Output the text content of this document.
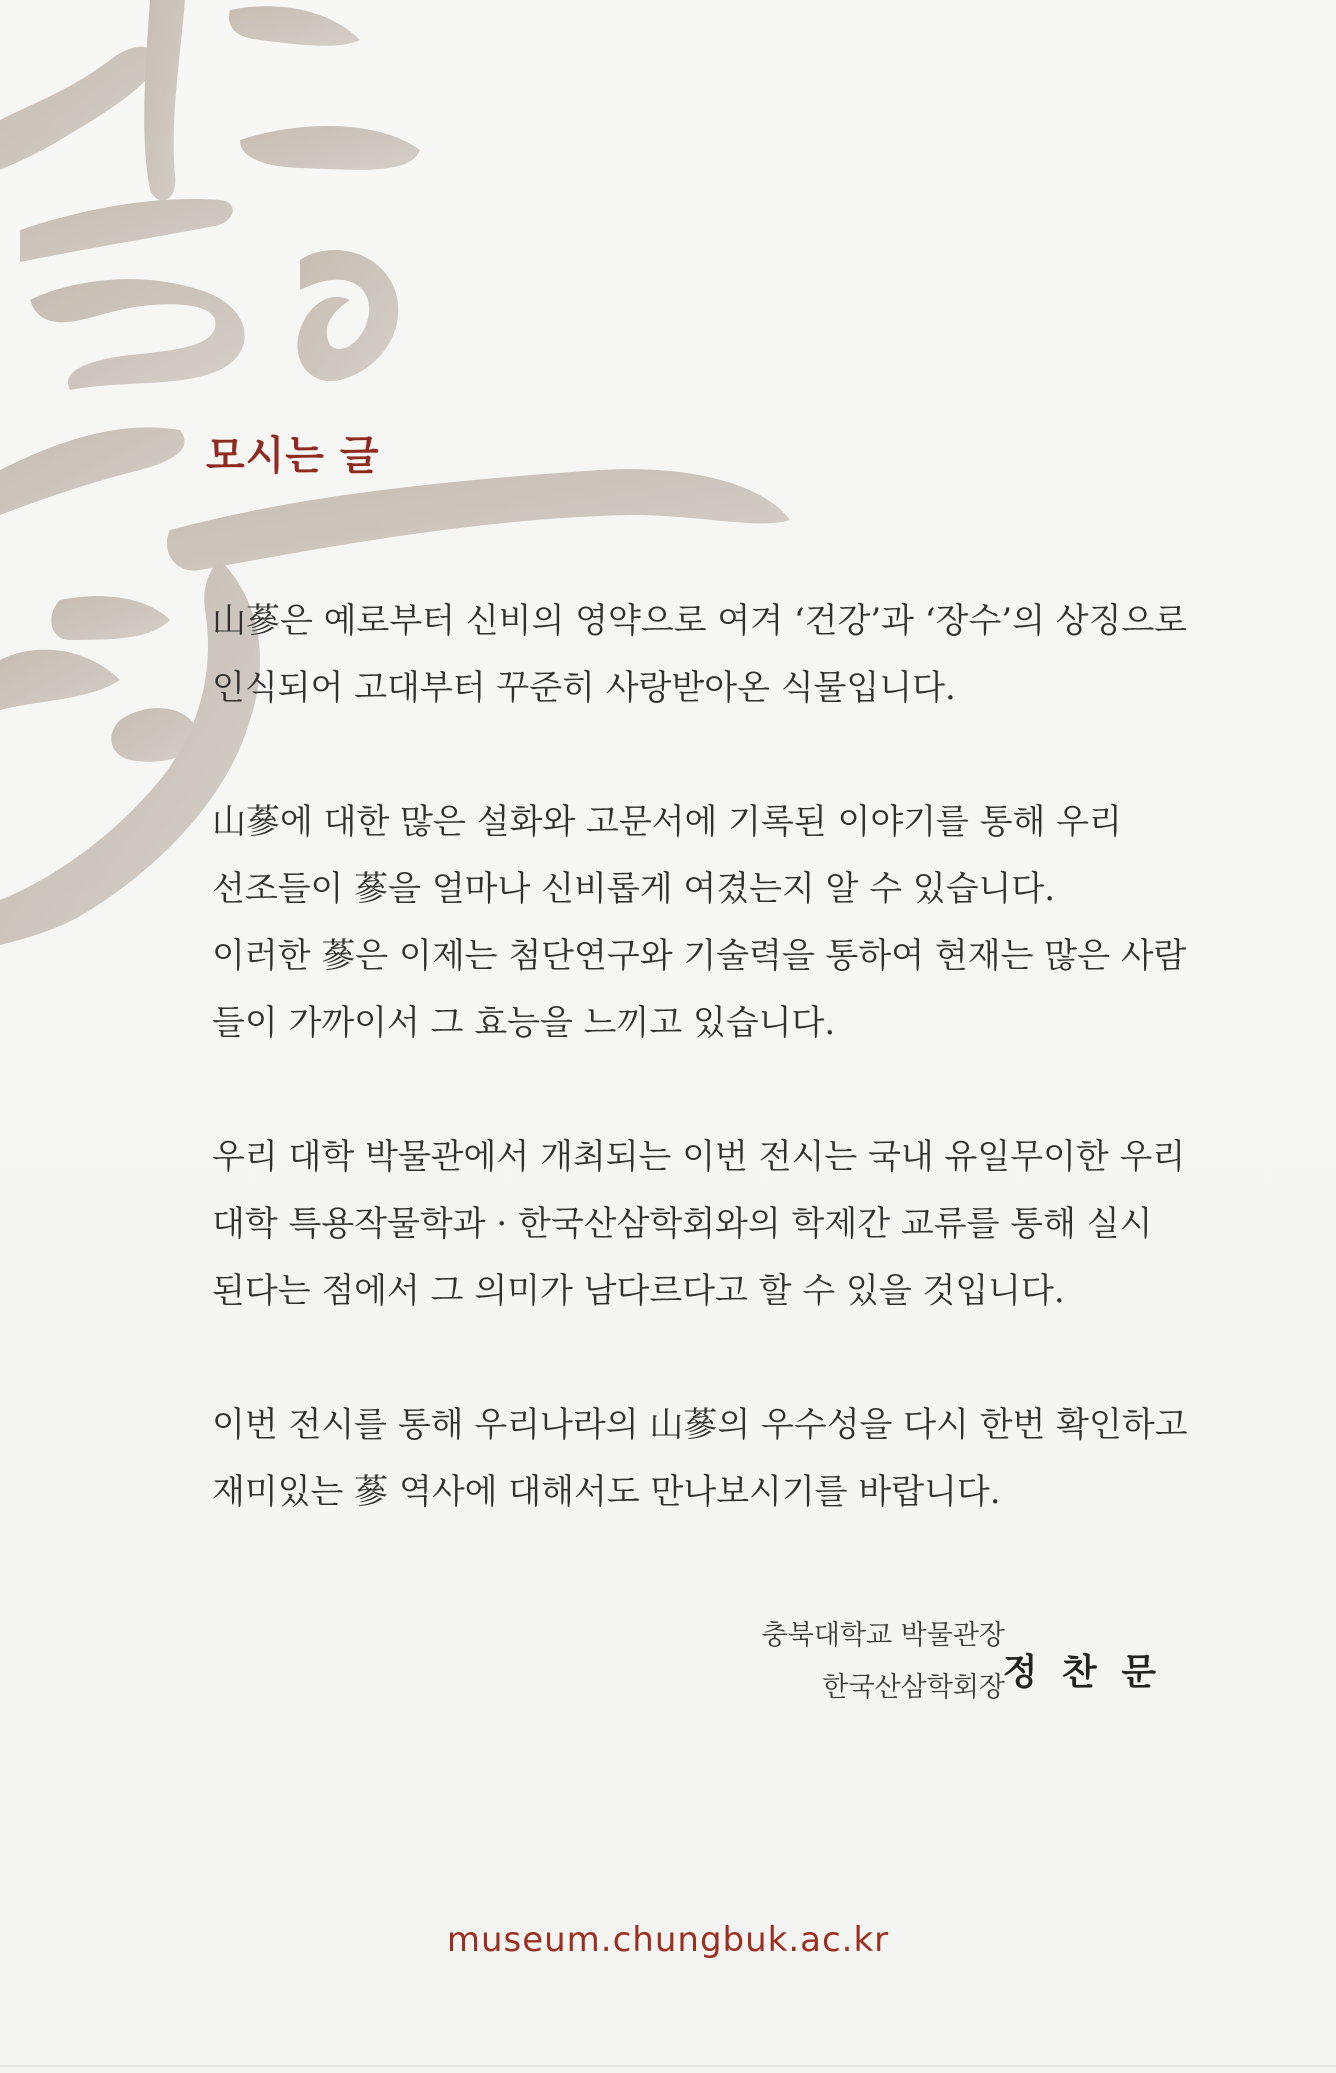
모시는 글

山蔘은 예로부터 신비의 영약으로 여겨 ‘건강’과 ‘장수’의 상징으로
인식되어 고대부터 꾸준히 사랑받아온 식물입니다.

山蔘에 대한 많은 설화와 고문서에 기록된 이야기를 통해 우리
선조들이 蔘을 얼마나 신비롭게 여겼는지 알 수 있습니다.
이러한 蔘은 이제는 첨단연구와 기술력을 통하여 현재는 많은 사람
들이 가까이서 그 효능을 느끼고 있습니다.

우리 대학 박물관에서 개최되는 이번 전시는 국내 유일무이한 우리
대학 특용작물학과 · 한국산삼학회와의 학제간 교류를 통해 실시
된다는 점에서 그 의미가 남다르다고 할 수 있을 것입니다.

이번 전시를 통해 우리나라의 山蔘의 우수성을 다시 한번 확인하고
재미있는 蔘 역사에 대해서도 만나보시기를 바랍니다.

충북대학교 박물관장
한국산삼학회장
정 찬 문
museum.chungbuk.ac.kr
